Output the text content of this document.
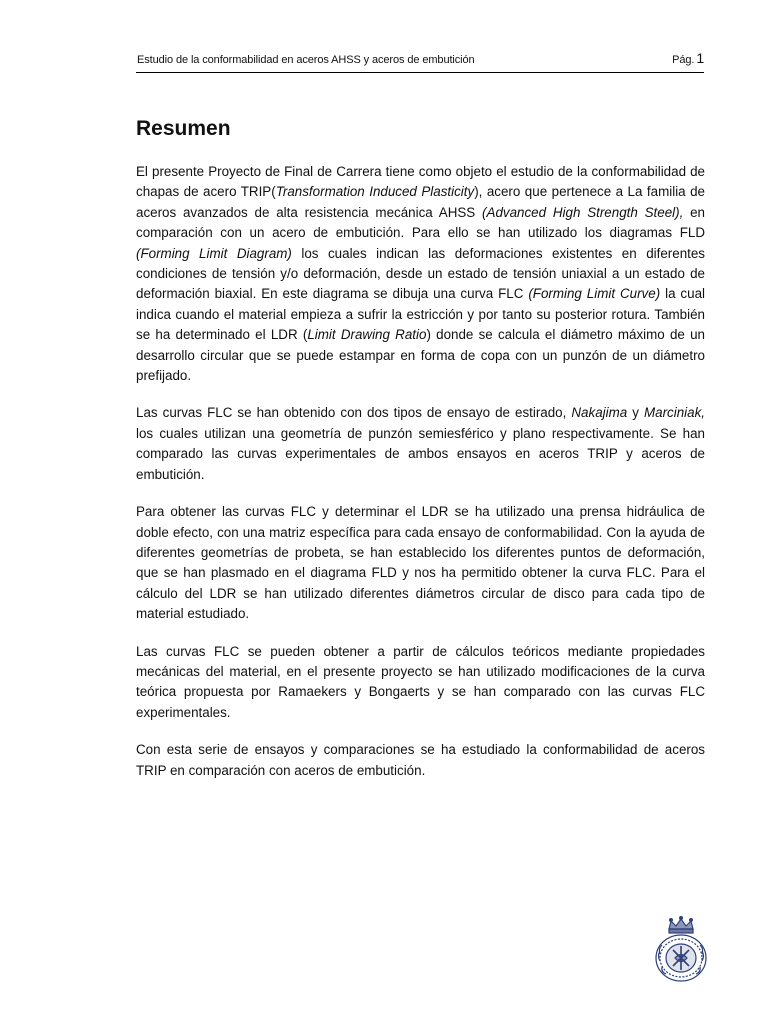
Estudio de la conformabilidad en aceros AHSS y aceros de embutición	Pág. 1
Resumen

El presente Proyecto de Final de Carrera tiene como objeto el estudio de la conformabilidad de chapas de acero TRIP(Transformation Induced Plasticity), acero que pertenece a La familia de aceros avanzados de alta resistencia mecánica AHSS (Advanced High Strength Steel), en comparación con un acero de embutición. Para ello se han utilizado los diagramas FLD (Forming Limit Diagram) los cuales indican las deformaciones existentes en diferentes condiciones de tensión y/o deformación, desde un estado de tensión uniaxial a un estado de deformación biaxial. En este diagrama se dibuja una curva FLC (Forming Limit Curve) la cual indica cuando el material empieza a sufrir la estricción y por tanto su posterior rotura. También se ha determinado el LDR (Limit Drawing Ratio) donde se calcula el diámetro máximo de un desarrollo circular que se puede estampar en forma de copa con un punzón de un diámetro prefijado.

Las curvas FLC se han obtenido con dos tipos de ensayo de estirado, Nakajima y Marciniak, los cuales utilizan una geometría de punzón semiesférico y plano respectivamente. Se han comparado las curvas experimentales de ambos ensayos en aceros TRIP y aceros de embutición.

Para obtener las curvas FLC y determinar el LDR se ha utilizado una prensa hidráulica de doble efecto, con una matriz específica para cada ensayo de conformabilidad. Con la ayuda de diferentes geometrías de probeta, se han establecido los diferentes puntos de deformación, que se han plasmado en el diagrama FLD y nos ha permitido obtener la curva FLC. Para el cálculo del LDR se han utilizado diferentes diámetros circular de disco para cada tipo de material estudiado.

Las curvas FLC se pueden obtener a partir de cálculos teóricos mediante propiedades mecánicas del material, en el presente proyecto se han utilizado modificaciones de la curva teórica propuesta por Ramaekers y Bongaerts y se han comparado con las curvas FLC experimentales.

Con esta serie de ensayos y comparaciones se ha estudiado la conformabilidad de aceros TRIP en comparación con aceros de embutición.
